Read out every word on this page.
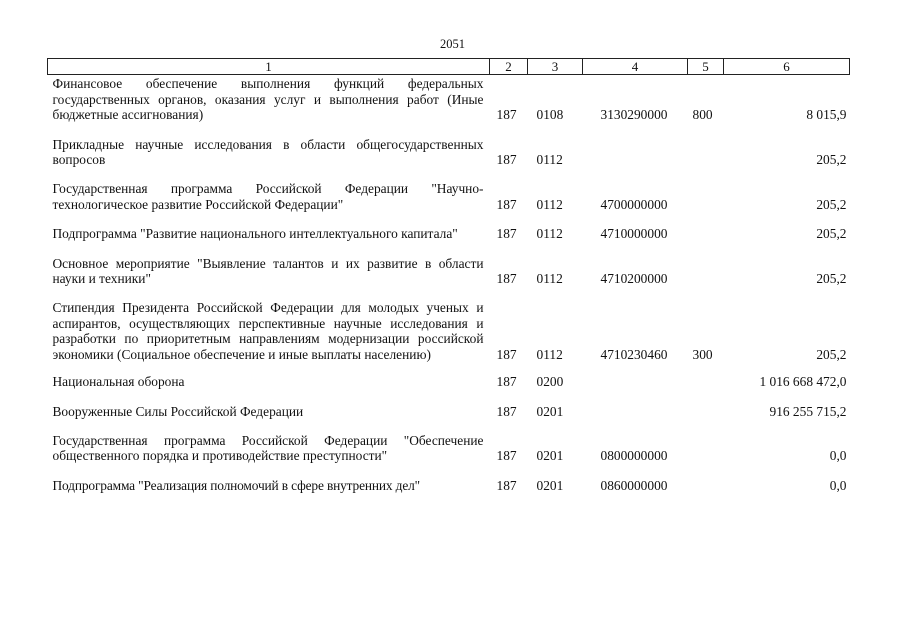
2051
1	2	3	4	5	6
Финансовое обеспечение выполнения функций федеральных государственных органов, оказания услуг и выполнения работ (Иные бюджетные ассигнования)	187	0108	3130290000	800	8 015,9

Прикладные научные исследования в области общегосударственных вопросов	187	0112			205,2

Государственная программа Российской Федерации "Научно-технологическое развитие Российской Федерации"	187	0112	4700000000		205,2

Подпрограмма "Развитие национального интеллектуального капитала"	187	0112	4710000000		205,2

Основное мероприятие "Выявление талантов и их развитие в области науки и техники"	187	0112	4710200000		205,2

Стипендия Президента Российской Федерации для молодых ученых и аспирантов, осуществляющих перспективные научные исследования и разработки по приоритетным направлениям модернизации российской экономики (Социальное обеспечение и иные выплаты населению)	187	0112	4710230460	300	205,2

Национальная оборона	187	0200			1 016 668 472,0

Вооруженные Силы Российской Федерации	187	0201			916 255 715,2

Государственная программа Российской Федерации "Обеспечение общественного порядка и противодействие преступности"	187	0201	0800000000		0,0

Подпрограмма "Реализация полномочий в сфере внутренних дел"	187	0201	0860000000		0,0
